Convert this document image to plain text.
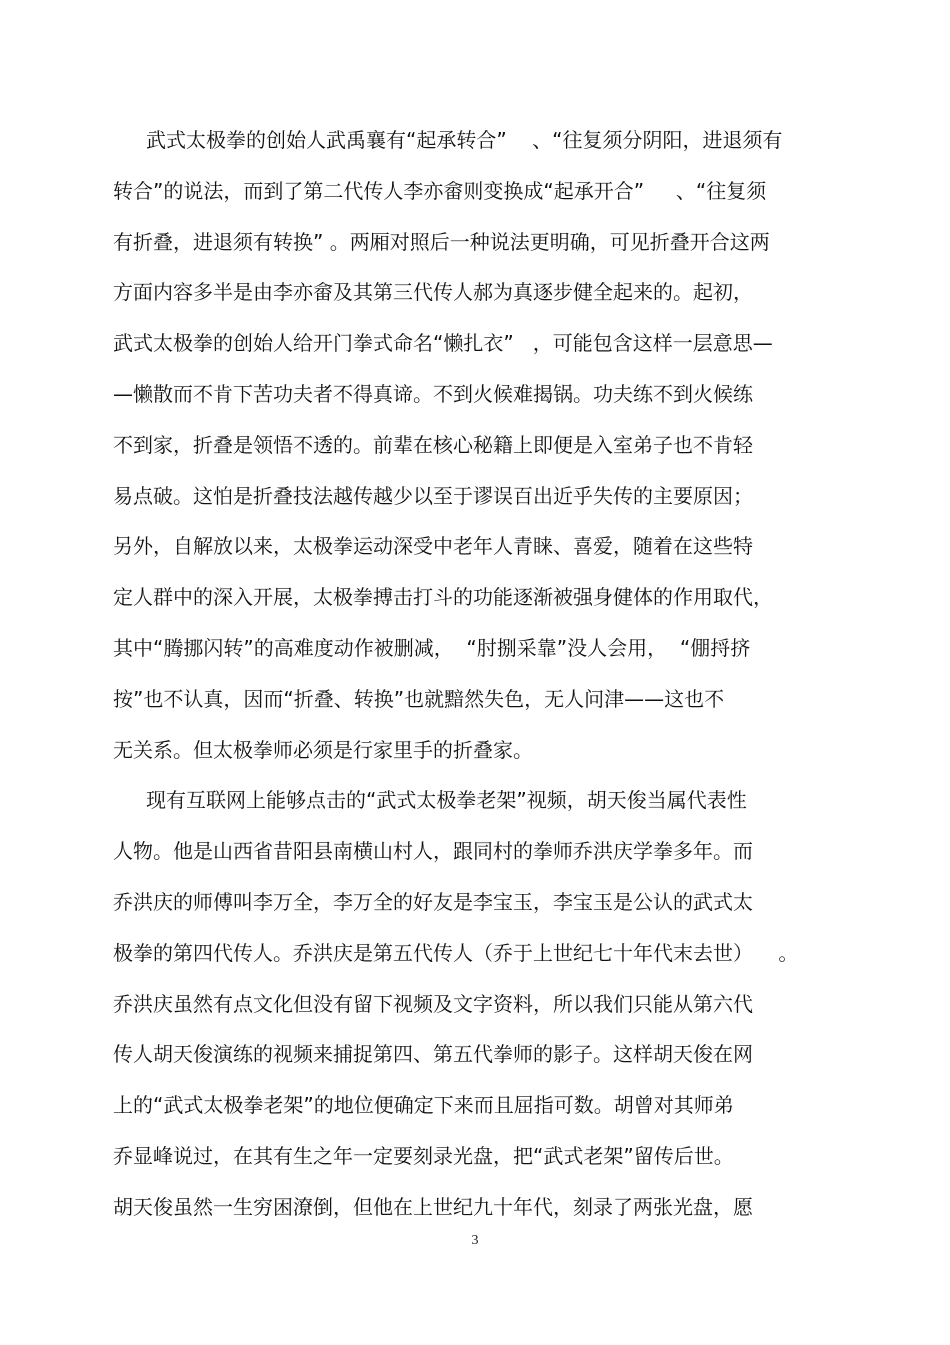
武式太极拳的创始人武禹襄有“起承转合”    、“往复须分阴阳，进退须有
转合”的说法，而到了第二代传人李亦畲则变换成“起承开合”     、“往复须
有折叠，进退须有转换” 。两厢对照后一种说法更明确，可见折叠开合这两
方面内容多半是由李亦畲及其第三代传人郝为真逐步健全起来的。起初，
武式太极拳的创始人给开门拳式命名“懒扎衣”   ，可能包含这样一层意思—
—懒散而不肯下苦功夫者不得真谛。不到火候难揭锅。功夫练不到火候练
不到家，折叠是领悟不透的。前辈在核心秘籍上即便是入室弟子也不肯轻
易点破。这怕是折叠技法越传越少以至于谬误百出近乎失传的主要原因；
另外，自解放以来，太极拳运动深受中老年人青睐、喜爱，随着在这些特
定人群中的深入开展，太极拳搏击打斗的功能逐渐被强身健体的作用取代，
其中“腾挪闪转”的高难度动作被删减，  “肘捌采靠”没人会用，  “倗捋挤
按”也不认真，因而“折叠、转换”也就黯然失色，无人问津——这也不
无关系。但太极拳师必须是行家里手的折叠家。
现有互联网上能够点击的“武式太极拳老架”视频，胡天俊当属代表性
人物。他是山西省昔阳县南横山村人，跟同村的拳师乔洪庆学拳多年。而
乔洪庆的师傅叫李万全，李万全的好友是李宝玉，李宝玉是公认的武式太
极拳的第四代传人。乔洪庆是第五代传人（乔于上世纪七十年代末去世）    。
乔洪庆虽然有点文化但没有留下视频及文字资料，所以我们只能从第六代
传人胡天俊演练的视频来捕捉第四、第五代拳师的影子。这样胡天俊在网
上的“武式太极拳老架”的地位便确定下来而且屈指可数。胡曾对其师弟
乔显峰说过，在其有生之年一定要刻录光盘，把“武式老架”留传后世。
胡天俊虽然一生穷困潦倒，但他在上世纪九十年代，刻录了两张光盘，愿
3
